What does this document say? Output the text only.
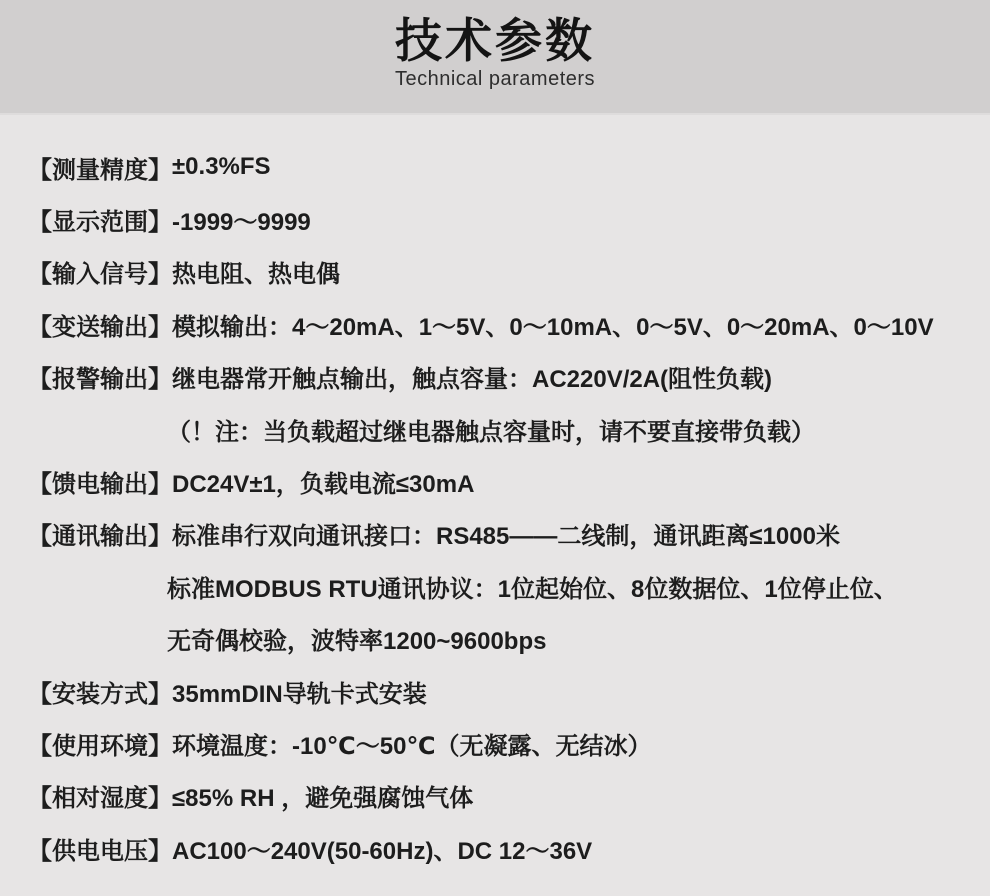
技术参数
Technical parameters
【测量精度】 ±0.3%FS
【显示范围】 -1999～9999
【输入信号】 热电阻、热电偶
【变送输出】 模拟输出：4～20mA、1～5V、0～10mA、0～5V、0～20mA、0～10V
【报警输出】 继电器常开触点输出，触点容量：AC220V/2A(阻性负载)
（！注：当负载超过继电器触点容量时，请不要直接带负载）
【馈电输出】 DC24V±1，负载电流≤30mA
【通讯输出】 标准串行双向通讯接口：RS485——二线制，通讯距离≤1000米
标准MODBUS RTU通讯协议：1位起始位、8位数据位、1位停止位、
无奇偶校验，波特率1200~9600bps
【安装方式】 35mmDIN导轨卡式安装
【使用环境】 环境温度：-10℃～50℃（无凝露、无结冰）
【相对湿度】 ≤85% RH ，避免强腐蚀气体
【供电电压】 AC100～240V(50-60Hz)、DC 12～36V
